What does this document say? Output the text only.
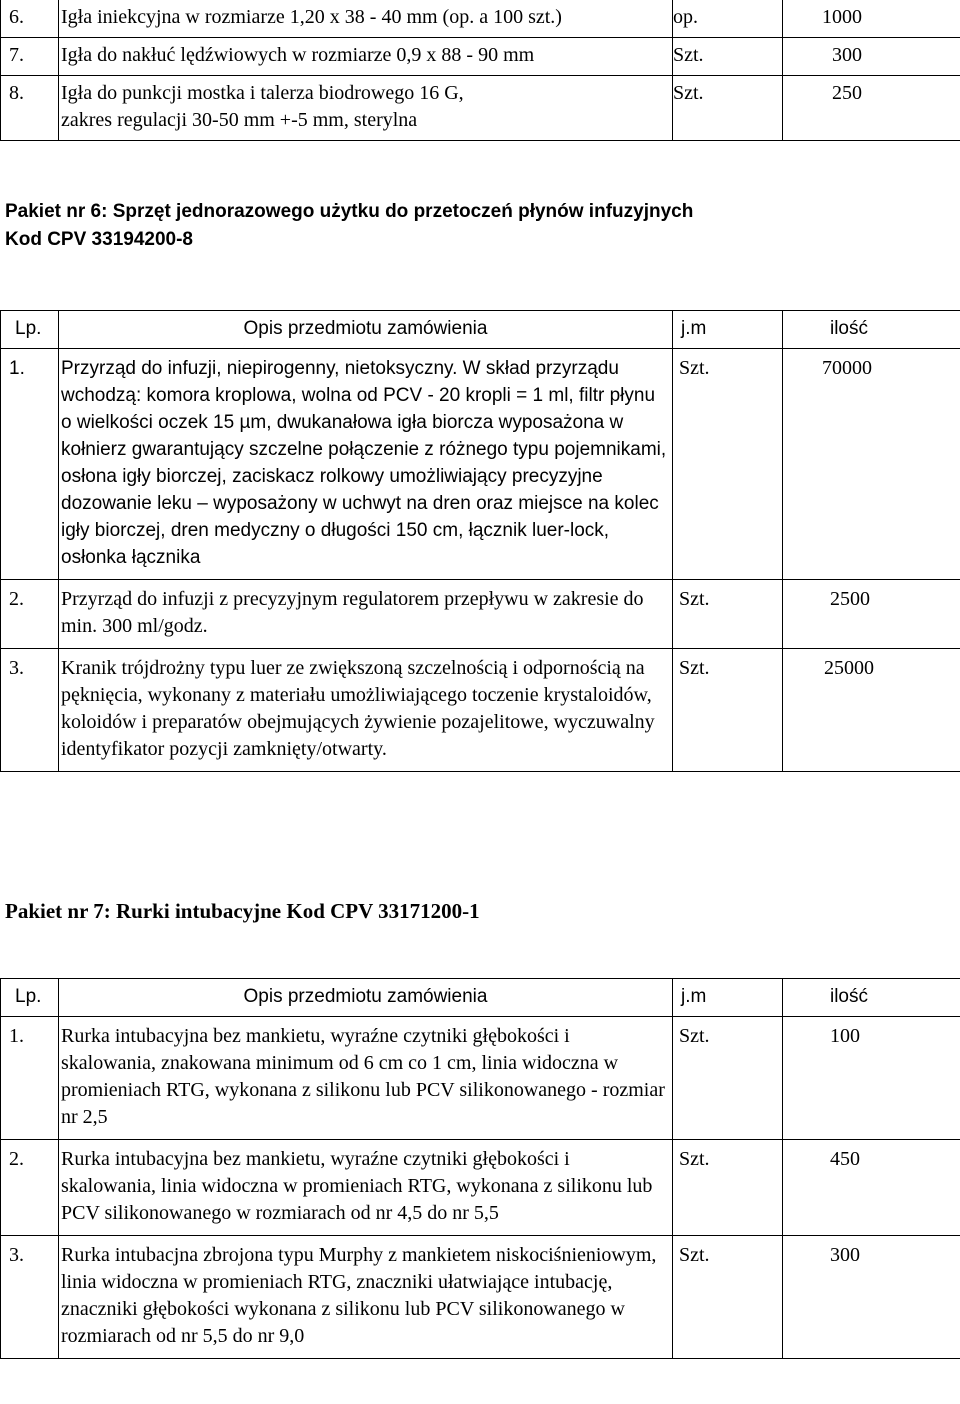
6.	Igła iniekcyjna w rozmiarze 1,20 x 38 - 40 mm (op. a 100 szt.)	op.	1000
7.	Igła do nakłuć lędźwiowych w rozmiarze 0,9 x 88 - 90 mm	Szt.	300
8.	Igła do punkcji mostka i talerza biodrowego 16 G, zakres regulacji 30-50 mm +-5 mm, sterylna	Szt.	250
Pakiet nr 6: Sprzęt jednorazowego użytku do przetoczeń płynów infuzyjnych
Kod CPV 33194200-8
Lp.	Opis przedmiotu zamówienia	j.m	ilość
1.	Przyrząd do infuzji, niepirogenny, nietoksyczny. W skład przyrządu wchodzą: komora kroplowa, wolna od PCV - 20 kropli = 1 ml, filtr płynu o wielkości oczek 15 µm, dwukanałowa igła biorcza wyposażona w kołnierz gwarantujący szczelne połączenie z różnego typu pojemnikami, osłona igły biorczej, zaciskacz rolkowy umożliwiający precyzyjne dozowanie leku – wyposażony w uchwyt na dren oraz miejsce na kolec igły biorczej, dren medyczny o długości 150 cm, łącznik luer-lock, osłonka łącznika	Szt.	70000
2.	Przyrząd do infuzji z precyzyjnym regulatorem przepływu w zakresie do min. 300 ml/godz.	Szt.	2500
3.	Kranik trójdrożny typu luer ze zwiększoną szczelnością i odpornością na pęknięcia, wykonany z materiału umożliwiającego toczenie krystaloidów, koloidów i preparatów obejmujących żywienie pozajelitowe, wyczuwalny identyfikator pozycji zamknięty/otwarty.	Szt.	25000
Pakiet nr 7: Rurki intubacyjne Kod CPV 33171200-1
Lp.	Opis przedmiotu zamówienia	j.m	ilość
1.	Rurka intubacyjna bez mankietu, wyraźne czytniki głębokości i skalowania, znakowana minimum od 6 cm co 1 cm, linia widoczna w promieniach RTG, wykonana z silikonu lub PCV silikonowanego - rozmiar nr 2,5	Szt.	100
2.	Rurka intubacyjna bez mankietu, wyraźne czytniki głębokości i skalowania, linia widoczna w promieniach RTG, wykonana z silikonu lub PCV silikonowanego w rozmiarach od nr 4,5 do nr 5,5	Szt.	450
3.	Rurka intubacjna zbrojona typu Murphy z mankietem niskociśnieniowym, linia widoczna w promieniach RTG, znaczniki ułatwiające intubację, znaczniki głębokości wykonana z silikonu lub PCV silikonowanego w rozmiarach od nr 5,5 do nr 9,0	Szt.	300
